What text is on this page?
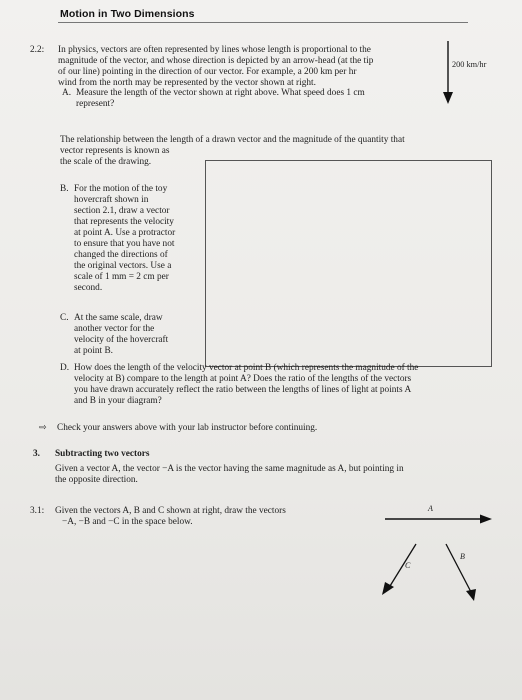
Motion in Two Dimensions
2.2: In physics, vectors are often represented by lines whose length is proportional to the
magnitude of the vector, and whose direction is depicted by an arrow-head (at the tip
of our line) pointing in the direction of our vector. For example, a 200 km per hr
wind from the north may be represented by the vector shown at right.
200 km/hr
A. Measure the length of the vector shown at right above. What speed does 1 cm
represent?
The relationship between the length of a drawn vector and the magnitude of the quantity that
vector represents is known as
the scale of the drawing.
B. For the motion of the toy
hovercraft shown in
section 2.1, draw a vector
that represents the velocity
at point A. Use a protractor
to ensure that you have not
changed the directions of
the original vectors. Use a
scale of 1 mm = 2 cm per
second.
C. At the same scale, draw
another vector for the
velocity of the hovercraft
at point B.
D. How does the length of the velocity vector at point B (which represents the magnitude of the
velocity at B) compare to the length at point A? Does the ratio of the lengths of the vectors
you have drawn accurately reflect the ratio between the lengths of lines of light at points A
and B in your diagram?
⇨ Check your answers above with your lab instructor before continuing.
3. Subtracting two vectors
Given a vector A, the vector −A is the vector having the same magnitude as A, but pointing in
the opposite direction.
3.1: Given the vectors A, B and C shown at right, draw the vectors
−A, −B and −C in the space below.
A
B
C
